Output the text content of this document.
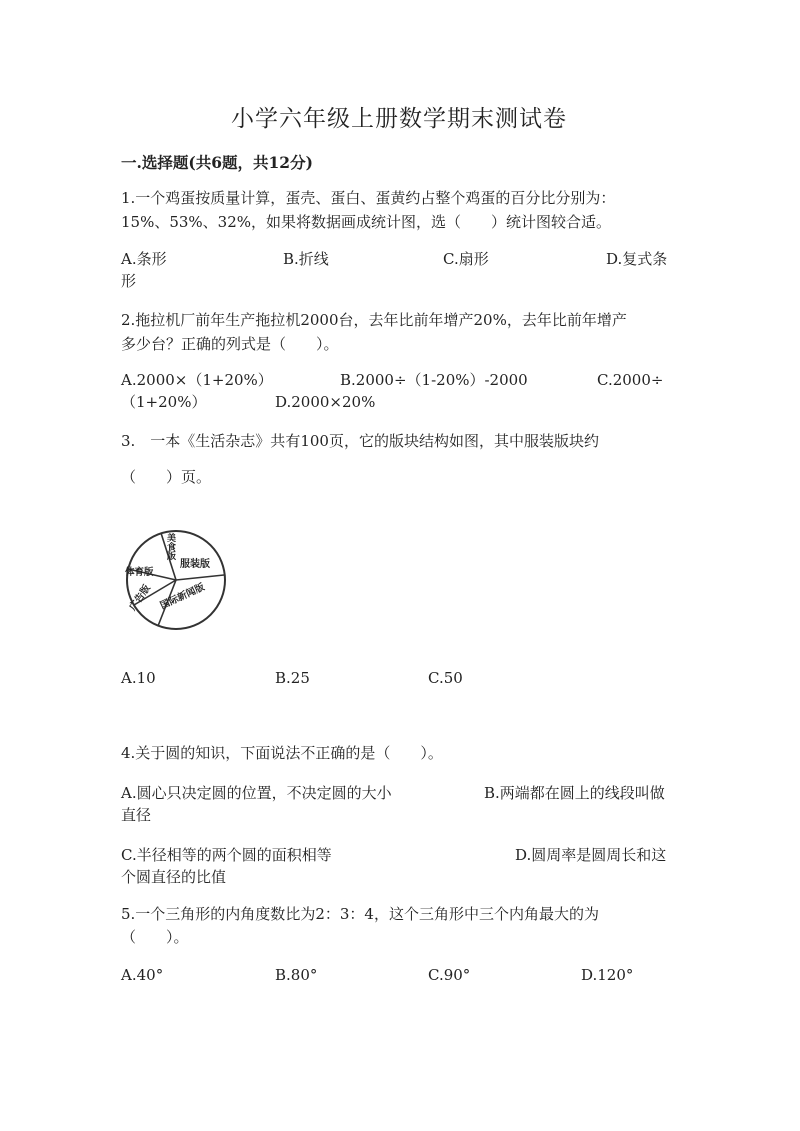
小学六年级上册数学期末测试卷
一.选择题(共6题，共12分)
1.一个鸡蛋按质量计算，蛋壳、蛋白、蛋黄约占整个鸡蛋的百分比分别为：
15%、53%、32%，如果将数据画成统计图，选（　　）统计图较合适。
A.条形	B.折线	C.扇形	D.复式条
形
2.拖拉机厂前年生产拖拉机2000台，去年比前年增产20%，去年比前年增产
多少台？正确的列式是（　　）。
A.2000×（1+20%）	B.2000÷（1-20%）-2000	C.2000÷
（1+20%）	D.2000×20%
3.　一本《生活杂志》共有100页，它的版块结构如图，其中服装版块约
（　　）页。
美食版
服装版
体育版
广告版 国际新闻版
A.10	B.25	C.50
4.关于圆的知识，下面说法不正确的是（　　）。
A.圆心只决定圆的位置，不决定圆的大小	B.两端都在圆上的线段叫做
直径
C.半径相等的两个圆的面积相等	D.圆周率是圆周长和这
个圆直径的比值
5.一个三角形的内角度数比为2：3：4，这个三角形中三个内角最大的为
（　　）。
A.40°	B.80°	C.90°	D.120°
